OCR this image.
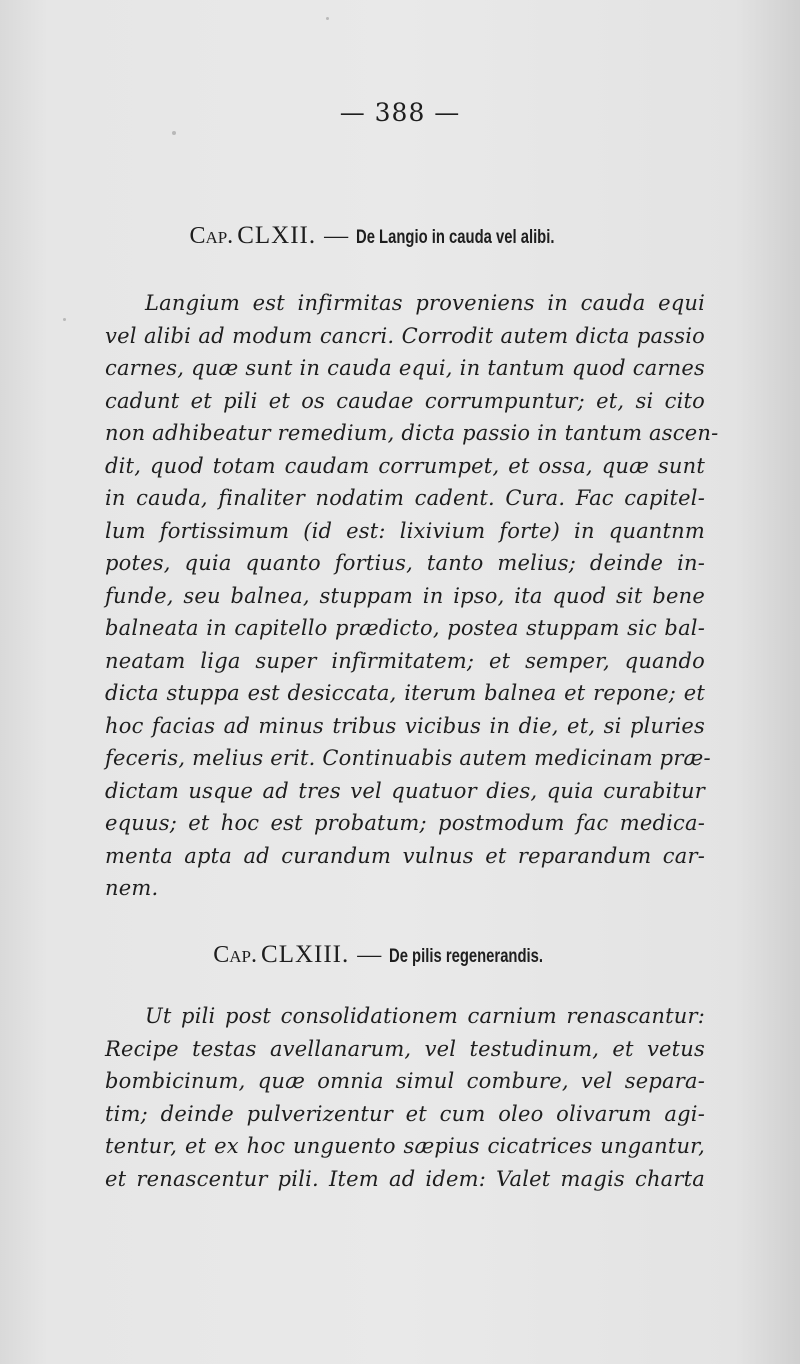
— 388 —
Cap. CLXII. — De Langio in cauda vel alibi.
Langium est infirmitas proveniens in cauda equi
vel alibi ad modum cancri. Corrodit autem dicta passio
carnes, quæ sunt in cauda equi, in tantum quod carnes
cadunt et pili et os caudae corrumpuntur; et, si cito
non adhibeatur remedium, dicta passio in tantum ascen-
dit, quod totam caudam corrumpet, et ossa, quæ sunt
in cauda, finaliter nodatim cadent. Cura. Fac capitel-
lum fortissimum (id est: lixivium forte) in quantnm
potes, quia quanto fortius, tanto melius; deinde in-
funde, seu balnea, stuppam in ipso, ita quod sit bene
balneata in capitello prædicto, postea stuppam sic bal-
neatam liga super infirmitatem; et semper, quando
dicta stuppa est desiccata, iterum balnea et repone; et
hoc facias ad minus tribus vicibus in die, et, si pluries
feceris, melius erit. Continuabis autem medicinam præ-
dictam usque ad tres vel quatuor dies, quia curabitur
equus; et hoc est probatum; postmodum fac medica-
menta apta ad curandum vulnus et reparandum car-
nem.
Cap. CLXIII. — De pilis regenerandis.
Ut pili post consolidationem carnium renascantur:
Recipe testas avellanarum, vel testudinum, et vetus
bombicinum, quæ omnia simul combure, vel separa-
tim; deinde pulverizentur et cum oleo olivarum agi-
tentur, et ex hoc unguento sæpius cicatrices ungantur,
et renascentur pili. Item ad idem: Valet magis charta
